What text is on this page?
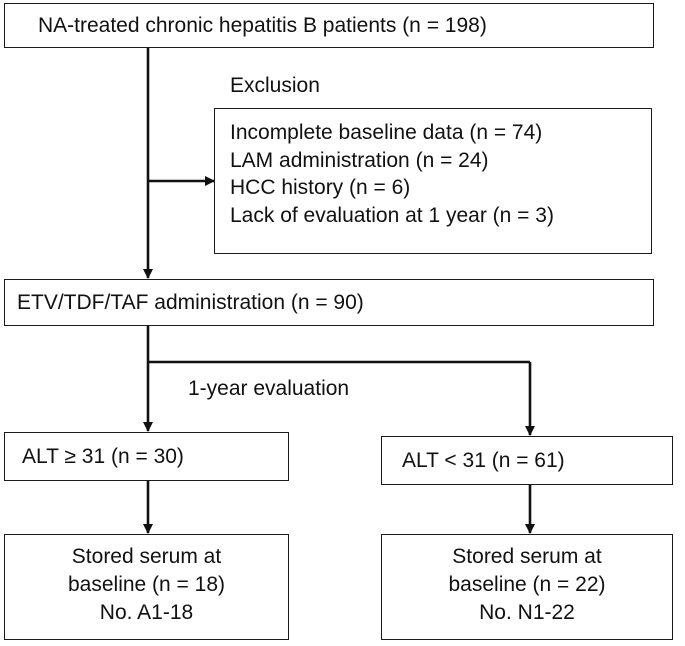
NA-treated chronic hepatitis B patients (n = 198)
Exclusion
Incomplete baseline data (n = 74)
LAM administration (n = 24)
HCC history (n = 6)
Lack of evaluation at 1 year (n = 3)
ETV/TDF/TAF administration (n = 90)
1-year evaluation
ALT ≥ 31 (n = 30)	ALT < 31 (n = 61)
Stored serum at
baseline (n = 18)
No. A1-18
Stored serum at
baseline (n = 22)
No. N1-22
